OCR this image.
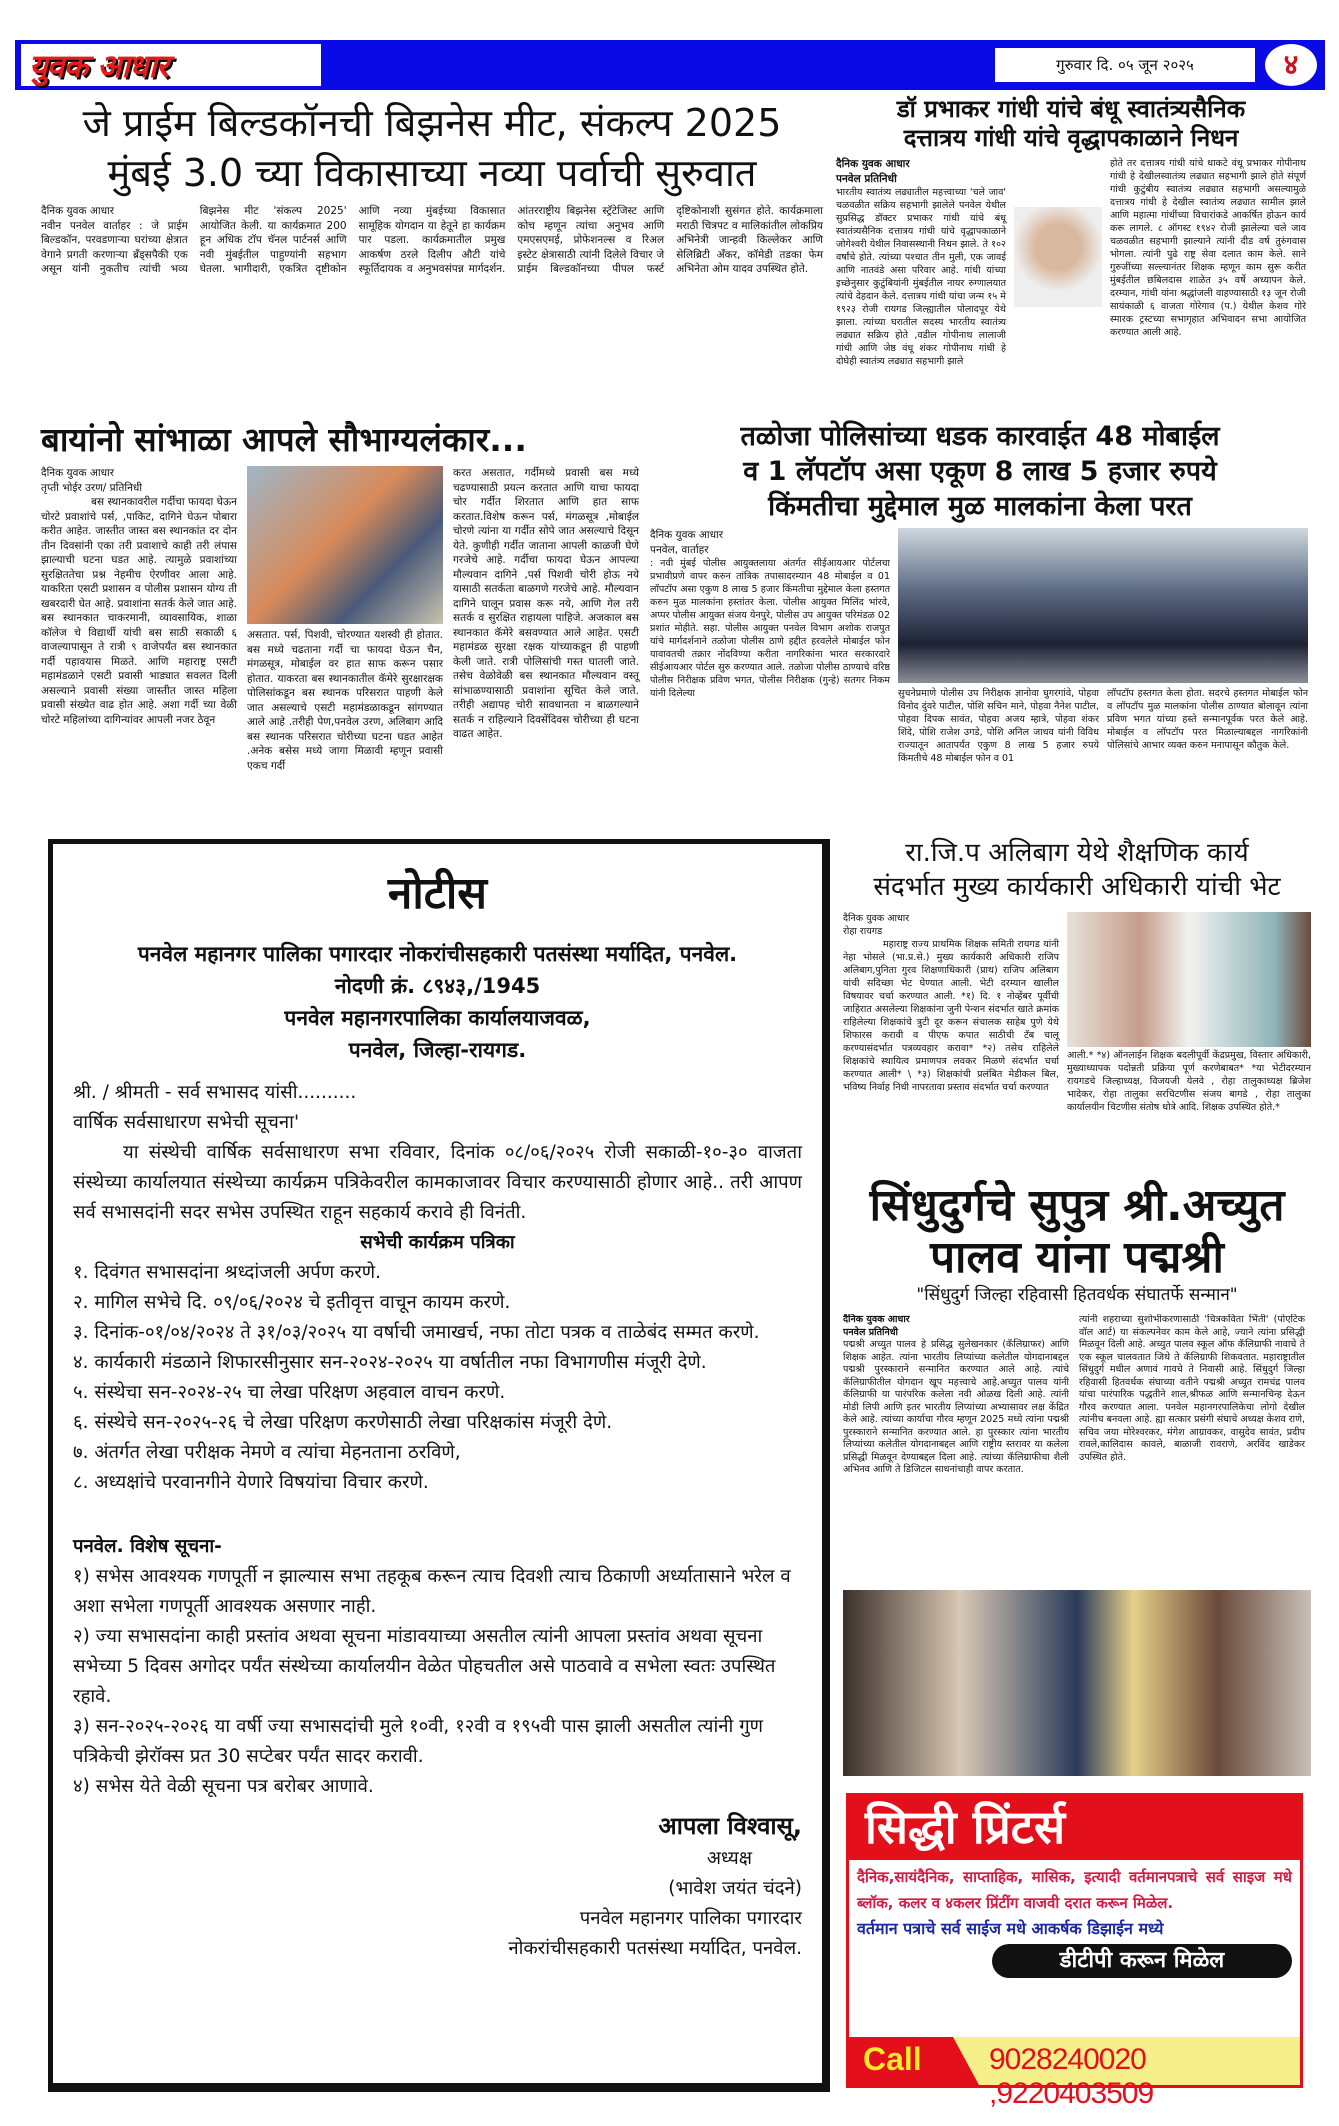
युवक आधार	गुरुवार दि. ०५ जून २०२५	४
जे प्राईम बिल्डकॉनची बिझनेस मीट, संकल्प 2025
मुंबई 3.0 च्या विकासाच्या नव्या पर्वाची सुरुवात
दैनिक युवक आधार
नवीन पनवेल वार्ताहर : जे प्राईम बिल्डकॉन, परवडणाऱ्या घरांच्या क्षेत्रात वेगाने प्रगती करणाऱ्या ब्रँड्सपैकी एक असून यांनी नुकतीच त्यांची भव्य बिझनेस मीट 'संकल्प 2025' आयोजित केली. या कार्यक्रमात 200 हून अधिक टॉप चॅनल पार्टनर्स आणि नवी मुंबईतील पाहुण्यांनी सहभाग घेतला. भागीदारी, एकत्रित दृष्टीकोन आणि नव्या मुंबईच्या विकासात सामूहिक योगदान या हेतूने हा कार्यक्रम पार पडला. कार्यक्रमातील प्रमुख आकर्षण ठरले दिलीप औटी यांचे स्फूर्तिदायक व अनुभवसंपन्न मार्गदर्शन. आंतरराष्ट्रीय बिझनेस स्ट्रॅटेजिस्ट आणि कोच म्हणून त्यांचा अनुभव आणि एमएसएमई, प्रोफेशनल्स व रिअल इस्टेट क्षेत्रासाठी त्यांनी दिलेले विचार जे प्राईम बिल्डकॉनच्या पीपल फर्स्ट दृष्टिकोनाशी सुसंगत होते. कार्यक्रमाला मराठी चित्रपट व मालिकांतील लोकप्रिय अभिनेत्री जान्हवी किल्लेकर आणि सेलिब्रिटी अँकर, कॉमेडी तडका फेम अभिनेता ओम यादव उपस्थित होते.
डॉ प्रभाकर गांधी यांचे बंधू स्वातंत्र्यसैनिक
दत्तात्रय गांधी यांचे वृद्धापकाळाने निधन
दैनिक युवक आधार
पनवेल प्रतिनिधी
भारतीय स्वातंत्र्य लढ्यातील महत्त्वाच्या 'चले जाव' चळवळीत सक्रिय सहभागी झालेले पनवेल येथील सुप्रसिद्ध डॉक्टर प्रभाकर गांधी यांचे बंधू स्वातंत्र्यसैनिक दत्तात्रय गांधी यांचे वृद्धापकाळाने जोगेश्वरी येथील निवासस्थानी निधन झाले. ते १०२ वर्षांचे होते. त्यांच्या पश्चात तीन मुली, एक जावई आणि नातवंडे असा परिवार आहे. गांधी यांच्या इच्छेनुसार कुटुंबियांनी मुंबईतील नायर रुग्णालयात त्यांचे देहदान केले. दत्तात्रय गांधी यांचा जन्म १५ मे १९२३ रोजी रायगड जिल्ह्यातील पोलादपूर येथे झाला. त्यांच्या घरातील सदस्य भारतीय स्वातंत्र्य लढ्यात सक्रिय होते ,वडील गोपीनाथ लालाजी गांधी आणि जेष्ठ वंधू शंकर गोपीनाथ गांधी हे दोघेही स्वातंत्र्य लढ्यात सहभागी झाले
होते तर दत्तात्रय गांधी यांचे धाकटे वंधू प्रभाकर गोपीनाथ गांधी हे देखीलस्वातंत्र्य लढ्यात सहभागी झाले होते संपूर्ण गांधी कुटुंबीय स्वातंत्र्य लढ्यात सहभागी असल्यामुळे दत्तात्रय गांधी हे देखील स्वातंत्र्य लढ्यात सामील झाले आणि महात्मा गांधींच्या विचारांकडे आकर्षित होऊन कार्य करू लागले. ८ ऑगस्ट १९४२ रोजी झालेल्या चले जाव चळवळीत सहभागी झाल्याने त्यांनी दीड वर्ष तुरुंगवास भोगला. त्यांनी पुढे राष्ट्र सेवा दलात काम केले. साने गुरुजींच्या सल्ल्यानंतर शिक्षक म्हणून काम सुरू करीत मुंबईतील छबिलदास शाळेत ३५ वर्षे अध्यापन केले. दरम्यान, गांधी यांना श्रद्धांजली वाहण्यासाठी १३ जून रोजी सायंकाळी ६ वाजता गोरेगाव (प.) येथील केशव गोरे स्मारक ट्रस्टच्या सभागृहात अभिवादन सभा आयोजित करण्यात आली आहे.
बायांनो सांभाळा आपले सौभाग्यलंकार...
दैनिक युवक आधार
तृप्ती भोईर उरण/ प्रतिनिधी
बस स्थानकावरील गर्दीचा फायदा घेऊन चोरटे प्रवाशांचे पर्स, ,पाकिट, दागिने घेऊन पोबारा करीत आहेत. जास्तीत जास्त बस स्थानकांत दर दोन तीन दिवसांनी एका तरी प्रवाशाचे काही तरी लंपास झाल्याची घटना घडत आहे. त्यामुळे प्रवाशांच्या सुरक्षिततेचा प्रश्न नेहमीच ऐरणीवर आला आहे. याकरिता एसटी प्रशासन व पोलीस प्रशासन योग्य ती खबरदारी घेत आहे. प्रवाशांना सतर्क केले जात आहे. बस स्थानकात चाकरमानी, व्यावसायिक, शाळा कॉलेज चे विद्यार्थी यांची बस साठी सकाळी ६ वाजल्यापासून ते रात्री ९ वाजेपर्यंत बस स्थानकात गर्दी पहावयास मिळते. आणि महाराष्ट्र एसटी महामंडळाने एसटी प्रवासी भाड्यात सवलत दिली असल्याने प्रवासी संख्या जास्तीत जास्त महिला प्रवासी संख्येत वाढ होत आहे. अशा गर्दी च्या वेळी चोरटे महिलांच्या दागिन्यांवर आपली नजर ठेवून
असतात. पर्स, पिशवी, चोरण्यात यशस्वी ही होतात. बस मध्ये चढताना गर्दी चा फायदा घेऊन चैन, मंगळसूत्र, मोबाईल वर हात साफ करून पसार होतात. याकरता बस स्थानकातील कॅमेरे सुरक्षारक्षक पोलिसांकडून बस स्थानक परिसरात पाहणी केले जात असल्याचे एसटी महामंडळाकडून सांगण्यात आले आहे .तरीही पेण,पनवेल उरण, अलिबाग आदि बस स्थानक परिसरात चोरीच्या घटना घडत आहेत .अनेक बसेस मध्ये जागा मिळावी म्हणून प्रवासी एकच गर्दी
करत असतात, गर्दीमध्ये प्रवासी बस मध्ये चढण्यासाठी प्रयत्न करतात आणि याचा फायदा चोर गर्दीत शिरतात आणि हात साफ करतात.विशेष करून पर्स, मंगळसूत्र ,मोबाईल चोरणे त्यांना या गर्दीत सोपे जात असल्याचे दिसून येते. कुणीही गर्दीत जाताना आपली काळजी घेणे गरजेचे आहे. गर्दीचा फायदा घेऊन आपल्या मौल्यवान दागिने ,पर्स पिशवी चोरी होऊ नये यासाठी सतर्कता बाळगणे गरजेचे आहे. मौल्यवान दागिने घालून प्रवास करू नये, आणि गेल तरी सतर्क व सुरक्षित राहायला पाहिजे. अजकाल बस स्थानकात कॅमेरे बसवण्यात आले आहेत. एसटी महामंडळ सुरक्षा रक्षक यांच्याकडून ही पाहणी केली जाते. रात्री पोलिसांची गस्त घातली जाते. तसेच वेळोवेळी बस स्थानकात मौल्यवान वस्तू सांभाळण्यासाठी प्रवाशांना सूचित केले जाते. तरीही अद्यापह चोरी सावधानता न बाळगल्याने सतर्क न राहिल्याने दिवसेंदिवस चोरीच्या ही घटना वाढत आहेत.
तळोजा पोलिसांच्या धडक कारवाईत 48 मोबाईल
व 1 लॅपटॉप असा एकूण 8 लाख 5 हजार रुपये
किंमतीचा मुद्देमाल मुळ मालकांना केला परत
दैनिक युवक आधार
पनवेल, वार्ताहर
: नवी मुंबई पोलीस आयुक्तलाया अंतर्गत सीईआयआर पोर्टलचा प्रभावीप्रणे वापर करुन तांत्रिक तपासादरम्यान 48 मोबाईल व 01 लॉपटॉप असा एकुण 8 लाख 5 हजार किंमतीचा मुद्देमाल केला हस्तगत करुन मुळ मालकांना हस्तांतर केला. पोलीस आयुक्त मिलिंद भांरवे, अप्पर पोलीस आयुक्त संजय येनपुरे, पोलीस उप आयुक्त परिमंडळ 02 प्रशांत मोहीते. सहा. पोलीस आयुक्त पनवेल विभाग अशोक राजपुत यांचे मार्गदर्शनाने तळोजा पोलीस ठाणे हद्दीत हरवलेले मोबाईल फोन यावावतची तक्रार नोंदविण्या करीता नागरिकांना भारत सरकारदारे सीईआयआर पोर्टल सुरु करण्यात आले. तळोजा पोलीस ठाण्याचे वरिष्ठ पोलीस निरीक्षक प्रविण भगत, पोलीस निरीक्षक (गुन्हे) सतगर निकम यांनी दिलेल्या	सुचनेप्रमाणे पोलीस उप निरीक्षक ज्ञानोवा घुगरगांवे, पोहवा विनोद दुंवरे पाटील, पोशि सचिन माने, पोहवा नैनेश पाटील, पोहवा दिपक सावंत, पोहवा अजय म्हात्रे, पोहवा शंकर शिंदे, पोशि राजेश उगडे, पोशि अनिल जाधव यांनी विविध राज्यातून आतापर्यंत एकुण 8 लाख 5 हजार रुपये किंमतीचे 48 मोबाईल फोन व 01
लॉपटॉप हस्तगत केला होता. सदरचे हस्तगत मोबाईल फोन व लॉपटॉप मुळ मालकांना पोलीस ठाण्यात बोलावून त्यांना प्रविण भगत यांच्या हस्ते सन्मानपूर्वक परत केले आहे. मोबाईल व लॉपटॉप परत मिळाल्याबद्दल नागरिकांनी पोलिसांचे आभार व्यक्त करुन मनापासून कौतुक केले.
नोटीस
पनवेल महानगर पालिका पगारदार नोकरांचीसहकारी पतसंस्था मर्यादित, पनवेल.
नोदणी क्रं. ८९४३,/1945
पनवेल महानगरपालिका कार्यालयाजवळ,
पनवेल, जिल्हा-रायगड.
श्री. / श्रीमती - सर्व सभासद यांसी..........
वार्षिक सर्वसाधारण सभेची सूचना'
या संस्थेची वार्षिक सर्वसाधारण सभा रविवार, दिनांक ०८/०६/२०२५ रोजी सकाळी-१०-३० वाजता संस्थेच्या कार्यालयात संस्थेच्या कार्यक्रम पत्रिकेवरील कामकाजावर विचार करण्यासाठी होणार आहे.. तरी आपण सर्व सभासदांनी सदर सभेस उपस्थित राहून सहकार्य करावे ही विनंती.
सभेची कार्यक्रम पत्रिका
१. दिवंगत सभासदांना श्रध्दांजली अर्पण करणे.
२. मागिल सभेचे दि. ०९/०६/२०२४ चे इतीवृत्त वाचून कायम करणे.
३. दिनांक-०१/०४/२०२४ ते ३१/०३/२०२५ या वर्षाची जमाखर्च, नफा तोटा पत्रक व ताळेबंद सम्मत करणे.
४. कार्यकारी मंडळाने शिफारसीनुसार सन-२०२४-२०२५ या वर्षातील नफा विभागणीस मंजूरी देणे.
५. संस्थेचा सन-२०२४-२५ चा लेखा परिक्षण अहवाल वाचन करणे.
६. संस्थेचे सन-२०२५-२६ चे लेखा परिक्षण करणेसाठी लेखा परिक्षकांस मंजूरी देणे.
७. अंतर्गत लेखा परीक्षक नेमणे व त्यांचा मेहनताना ठरविणे,
८. अध्यक्षांचे परवानगीने येणारे विषयांचा विचार करणे.
पनवेल. विशेष सूचना-
१) सभेस आवश्यक गणपूर्ती न झाल्यास सभा तहकूब करून त्याच दिवशी त्याच ठिकाणी अर्ध्यातासाने भरेल व अशा सभेला गणपूर्ती आवश्यक असणार नाही.
२) ज्या सभासदांना काही प्रस्तांव अथवा सूचना मांडावयाच्या असतील त्यांनी आपला प्रस्तांव अथवा सूचना सभेच्या 5 दिवस अगोदर पर्यंत संस्थेच्या कार्यालयीन वेळेत पोहचतील असे पाठवावे व सभेला स्वतः उपस्थित रहावे.
३) सन-२०२५-२०२६ या वर्षी ज्या सभासदांची मुले १०वी, १२वी व १९५वी पास झाली असतील त्यांनी गुण पत्रिकेची झेरॉक्स प्रत 30 सप्टेबर पर्यंत सादर करावी.
४) सभेस येते वेळी सूचना पत्र बरोबर आणावे.
आपला विश्वासू,
अध्यक्ष
(भावेश जयंत चंदने)
पनवेल महानगर पालिका पगारदार
नोकरांचीसहकारी पतसंस्था मर्यादित, पनवेल.
रा.जि.प अलिबाग येथे शैक्षणिक कार्य
संदर्भात मुख्य कार्यकारी अधिकारी यांची भेट
दैनिक युवक आधार
रोहा रायगड
महाराष्ट्र राज्य प्राथमिक शिक्षक समिती रायगड यांनी नेहा भोसले (भा.प्र.से.) मुख्य कार्यकारी अधिकारी राजिप अलिबाग,पुनिता गुरव शिक्षणाधिकारी (प्राथ) राजिप अलिबाग यांची सदिच्छा भेट घेण्यात आली. भेटी दरम्यान खालील विषयावर चर्चा करण्यात आली. *१) दि. १ नोव्हेंबर पूर्वीची जाहिरात असलेल्या शिक्षकांना जुनी पेन्शन संदर्भात खाते क्रमांक राहिलेल्या शिक्षकांचे त्रुटी दूर करून संचालक साहेब पुणे येथे शिफारस करावी व पीएफ कपात साठीची टॅब चालू करण्यासंदर्भात पत्रव्यवहार करावा* *२) तसेच राहिलेले शिक्षकांचे स्थायित्व प्रमाणपत्र लवकर मिळणे संदर्भात चर्चा करण्यात आली* \ *३) शिक्षकांची प्रलंबित मेडीकल बिल, भविष्य निर्वाह निधी नापरतावा प्रस्ताव संदर्भात चर्चा करण्यात
आली.* *४) ऑनलाईन शिक्षक बदलीपूर्वी केंद्रप्रमुख, विस्तार अधिकारी, मुख्याध्यापक पदोन्नती प्रक्रिया पूर्ण करणेबाबत* *या भेटीदरम्यान रायगडचे जिल्हाध्यक्ष, विजयजी येलवे , रोहा तालुकाध्यक्ष ब्रिजेश भादेकर, रोहा तालुका सरचिटणीस संजय बागडे , रोहा तालुका कार्यालयीन चिटणीस संतोष धोत्रे आदि. शिक्षक उपस्थित होते.*
सिंधुदुर्गचे सुपुत्र श्री.अच्युत
पालव यांना पद्मश्री
"सिंधुदुर्ग जिल्हा रहिवासी हितवर्धक संघातर्फे सन्मान"
दैनिक युवक आधार
पनवेल प्रतिनिधी
पद्मश्री अच्युत पालव हे प्रसिद्ध सुलेखनकार (कॅलिग्राफर) आणि शिक्षक आहेत. त्यांना भारतीय लिप्यांच्या कलेतील योगदानाबद्दल पद्मश्री पुरस्काराने सन्मानित करण्यात आले आहे. त्यांचे कॅलिग्राफीतील योगदान खूप महत्त्वाचे आहे.अच्युत पालव यांनी कॅलिग्राफी या पारंपरिक कलेला नवी ओळख दिली आहे. त्यांनी मोडी लिपी आणि इतर भारतीय लिप्यांच्या अभ्यासावर लक्ष केंद्रित केले आहे. त्यांच्या कार्याचा गौरव म्हणून 2025 मध्ये त्यांना पद्मश्री पुरस्काराने सन्मानित करण्यात आले. हा पुरस्कार त्यांना भारतीय लिप्यांच्या कलेतील योगदानाबद्दल आणि राष्ट्रीय स्तरावर या कलेला प्रसिद्धी मिळवून देण्याबद्दल दिला आहे. त्यांच्या कॅलिग्राफीचा शैली अभिनव आणि ते डिजिटल साधनांचाही वापर करतात.
त्यांनी शहराच्या सुशोभीकरणासाठी 'चित्रकविता भिंती' (पोएटिक वॉल आर्ट) या संकल्पनेवर काम केले आहे, ज्याने त्यांना प्रसिद्धी मिळवून दिली आहे. अच्युत पालव स्कूल ऑफ कॅलिग्राफी नावाचे ते एक स्कूल चालवतात जिथे ते कॅलिग्राफी शिकवतात. महाराष्ट्रातील सिंधुदुर्ग मधील अणावं गावचे ते निवासी आहे. सिंधुदुर्ग जिल्हा रहिवासी हितवर्धक संघाच्या वतीने पद्मश्री अच्युत रामचंद्र पालव यांचा पारंपारिक पद्धतीने शाल,श्रीफळ आणि सन्मानचिन्ह देऊन गौरव करण्यात आला. पनवेल महानगरपालिकेचा लोगो देखील त्यांनीच बनवला आहे. ह्या सत्कार प्रसंगी संघाचे अध्यक्ष केशव राणे, सचिव जया मोरेश्वरकर, मंगेश आग्रावकर, वासुदेव सावंत, प्रदीप रावले,कालिदास कावले, बाळाजी रावराणे, अरविंद खाडेकर उपस्थित होते.
सिद्धी प्रिंटर्स
दैनिक,सायंदैनिक, साप्ताहिक, मासिक, इत्यादी वर्तमानपत्राचे सर्व साइज मधे ब्लॉक, कलर व ४कलर प्रिंटींग वाजवी दरात करून मिळेल.
वर्तमान पत्राचे सर्व साईज मधे आकर्षक डिझाईन मध्ये
डीटीपी करून मिळेल
Call 9028240020 ,9220403509
